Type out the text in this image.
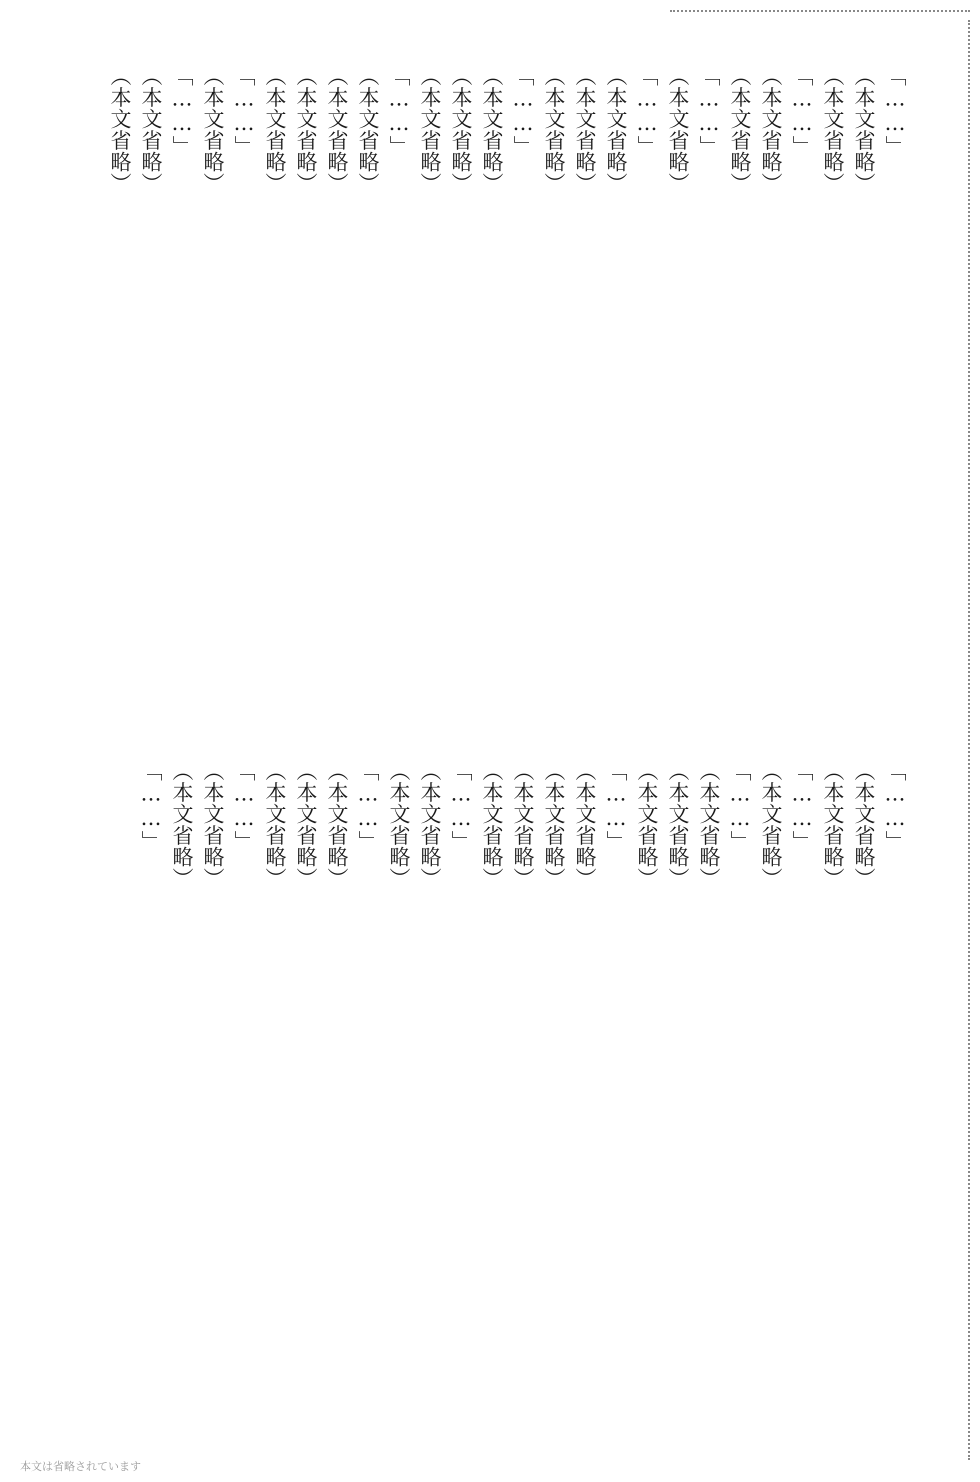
「……」
（本文省略）
（本文省略）
「……」
（本文省略）
（本文省略）
「……」
（本文省略）
「……」
（本文省略）
（本文省略）
（本文省略）
「……」
（本文省略）
（本文省略）
（本文省略）
「……」
（本文省略）
（本文省略）
（本文省略）
（本文省略）
「……」
（本文省略）
「……」
（本文省略）
（本文省略）
「……」
（本文省略）
（本文省略）
「……」
（本文省略）
「……」
（本文省略）
（本文省略）
（本文省略）
「……」
（本文省略）
（本文省略）
（本文省略）
（本文省略）
「……」
（本文省略）
（本文省略）
「……」
（本文省略）
（本文省略）
（本文省略）
「……」
（本文省略）
（本文省略）
「……」
本文は省略されています
